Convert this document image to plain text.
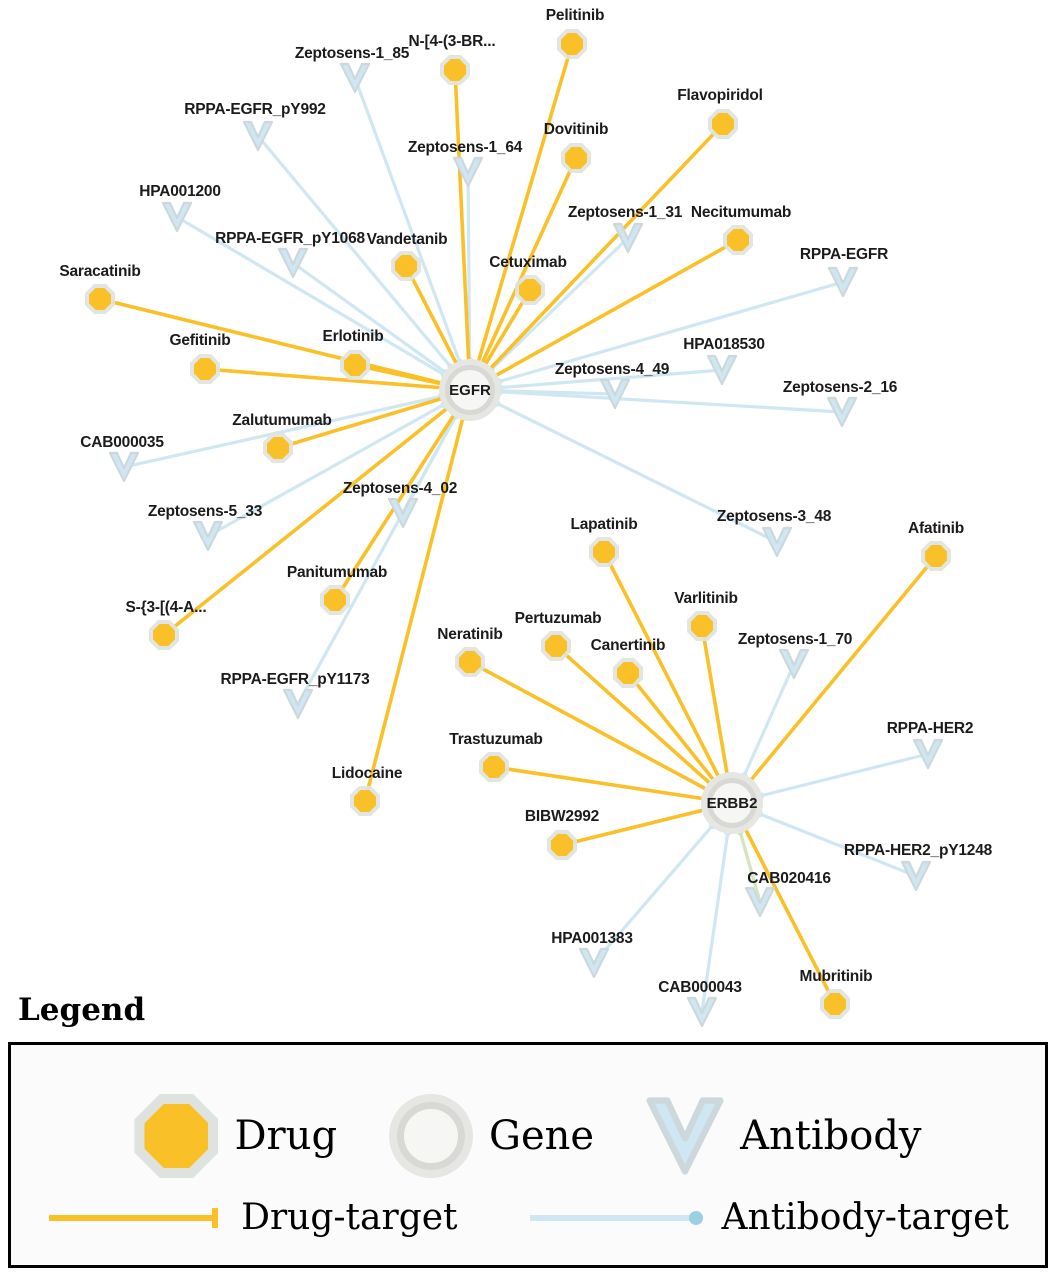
Zeptosens-1_85
Zeptosens-1_64
RPPA-EGFR_pY992
HPA001200
RPPA-EGFR_pY1068
Zeptosens-1_31
RPPA-EGFR
HPA018530
Zeptosens-4_49
Zeptosens-2_16
CAB000035
Zeptosens-5_33
Zeptosens-4_02
Zeptosens-3_48
Zeptosens-1_70
RPPA-EGFR_pY1173
RPPA-HER2
RPPA-HER2_pY1248
CAB020416
HPA001383
CAB000043
Pelitinib
N-[4-(3-BR...
Flavopiridol
Dovitinib
Necitumumab
Vandetanib
Cetuximab
Saracatinib
Gefitinib	Erlotinib
Zalutumumab
Afatinib
Lapatinib
Varlitinib
Panitumumab
S-{3-[(4-A...
Pertuzumab
Neratinib
Canertinib
Trastuzumab
Lidocaine
BIBW2992
Mubritinib
EGFR
ERBB2
Legend
Drug	Gene	Antibody
Drug-target	Antibody-target
